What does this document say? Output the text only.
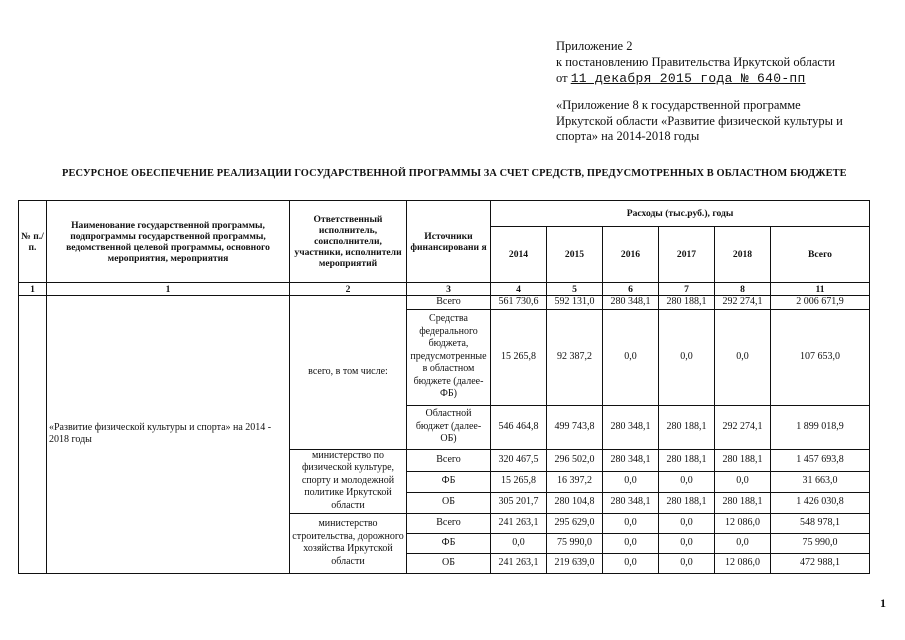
Приложение 2
к постановлению Правительства Иркутской области
от 11 декабря 2015 года № 640-пп
«Приложение 8 к государственной программе
Иркутской области «Развитие физической культуры и
спорта» на 2014-2018 годы
РЕСУРСНОЕ ОБЕСПЕЧЕНИЕ РЕАЛИЗАЦИИ ГОСУДАРСТВЕННОЙ ПРОГРАММЫ ЗА СЧЕТ СРЕДСТВ, ПРЕДУСМОТРЕННЫХ В ОБЛАСТНОМ БЮДЖЕТЕ
№ п./п.	Наименование государственной программы, подпрограммы государственной программы, ведомственной целевой программы, основного мероприятия, мероприятия	Ответственный исполнитель, соисполнители, участники, исполнители мероприятий	Источники финансировани я	Расходы (тыс.руб.), годы					
				2014	2015	2016	2017	2018	Всего
1	1	2	3	4	5	6	7	8	11
	«Развитие физической культуры и спорта» на 2014 - 2018 годы	всего, в том числе:	Всего	561 730,6	592 131,0	280 348,1	280 188,1	292 274,1	2 006 671,9
			Средства федерального бюджета, предусмотренные в областном бюджете (далее-ФБ)	15 265,8	92 387,2	0,0	0,0	0,0	107 653,0
			Областной бюджет (далее-ОБ)	546 464,8	499 743,8	280 348,1	280 188,1	292 274,1	1 899 018,9
		министерство по физической культуре, спорту и молодежной политике Иркутской области	Всего	320 467,5	296 502,0	280 348,1	280 188,1	280 188,1	1 457 693,8
			ФБ	15 265,8	16 397,2	0,0	0,0	0,0	31 663,0
			ОБ	305 201,7	280 104,8	280 348,1	280 188,1	280 188,1	1 426 030,8
		министерство строительства, дорожного хозяйства Иркутской области	Всего	241 263,1	295 629,0	0,0	0,0	12 086,0	548 978,1
			ФБ	0,0	75 990,0	0,0	0,0	0,0	75 990,0
			ОБ	241 263,1	219 639,0	0,0	0,0	12 086,0	472 988,1
1
